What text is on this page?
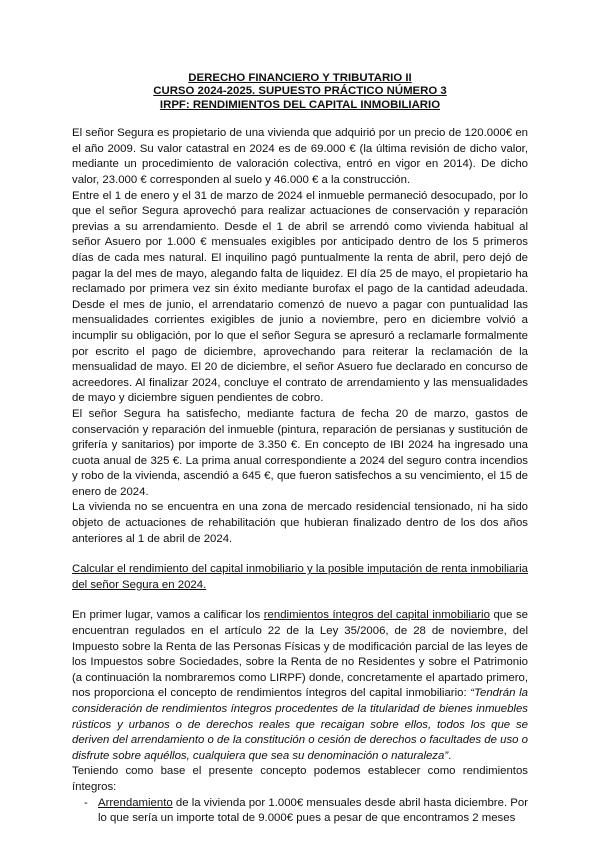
DERECHO FINANCIERO Y TRIBUTARIO II
CURSO 2024-2025. SUPUESTO PRÁCTICO NÚMERO 3
IRPF: RENDIMIENTOS DEL CAPITAL INMOBILIARIO

El señor Segura es propietario de una vivienda que adquirió por un precio de 120.000€ en el año 2009. Su valor catastral en 2024 es de 69.000 € (la última revisión de dicho valor, mediante un procedimiento de valoración colectiva, entró en vigor en 2014). De dicho valor, 23.000 € corresponden al suelo y 46.000 € a la construcción.

Entre el 1 de enero y el 31 de marzo de 2024 el inmueble permaneció desocupado, por lo que el señor Segura aprovechó para realizar actuaciones de conservación y reparación previas a su arrendamiento. Desde el 1 de abril se arrendó como vivienda habitual al señor Asuero por 1.000 € mensuales exigibles por anticipado dentro de los 5 primeros días de cada mes natural. El inquilino pagó puntualmente la renta de abril, pero dejó de pagar la del mes de mayo, alegando falta de liquidez. El día 25 de mayo, el propietario ha reclamado por primera vez sin éxito mediante burofax el pago de la cantidad adeudada. Desde el mes de junio, el arrendatario comenzó de nuevo a pagar con puntualidad las mensualidades corrientes exigibles de junio a noviembre, pero en diciembre volvió a incumplir su obligación, por lo que el señor Segura se apresuró a reclamarle formalmente por escrito el pago de diciembre, aprovechando para reiterar la reclamación de la mensualidad de mayo. El 20 de diciembre, el señor Asuero fue declarado en concurso de acreedores. Al finalizar 2024, concluye el contrato de arrendamiento y las mensualidades de mayo y diciembre siguen pendientes de cobro.

El señor Segura ha satisfecho, mediante factura de fecha 20 de marzo, gastos de conservación y reparación del inmueble (pintura, reparación de persianas y sustitución de grifería y sanitarios) por importe de 3.350 €. En concepto de IBI 2024 ha ingresado una cuota anual de 325 €. La prima anual correspondiente a 2024 del seguro contra incendios y robo de la vivienda, ascendió a 645 €, que fueron satisfechos a su vencimiento, el 15 de enero de 2024.

La vivienda no se encuentra en una zona de mercado residencial tensionado, ni ha sido objeto de actuaciones de rehabilitación que hubieran finalizado dentro de los dos años anteriores al 1 de abril de 2024.

Calcular el rendimiento del capital inmobiliario y la posible imputación de renta inmobiliaria del señor Segura en 2024.

En primer lugar, vamos a calificar los rendimientos íntegros del capital inmobiliario que se encuentran regulados en el artículo 22 de la Ley 35/2006, de 28 de noviembre, del Impuesto sobre la Renta de las Personas Físicas y de modificación parcial de las leyes de los Impuestos sobre Sociedades, sobre la Renta de no Residentes y sobre el Patrimonio (a continuación la nombraremos como LIRPF) donde, concretamente el apartado primero, nos proporciona el concepto de rendimientos íntegros del capital inmobiliario: “Tendrán la consideración de rendimientos íntegros procedentes de la titularidad de bienes inmuebles rústicos y urbanos o de derechos reales que recaigan sobre ellos, todos los que se deriven del arrendamiento o de la constitución o cesión de derechos o facultades de uso o disfrute sobre aquéllos, cualquiera que sea su denominación o naturaleza”.

Teniendo como base el presente concepto podemos establecer como rendimientos íntegros:

- Arrendamiento de la vivienda por 1.000€ mensuales desde abril hasta diciembre. Por lo que sería un importe total de 9.000€ pues a pesar de que encontramos 2 meses
